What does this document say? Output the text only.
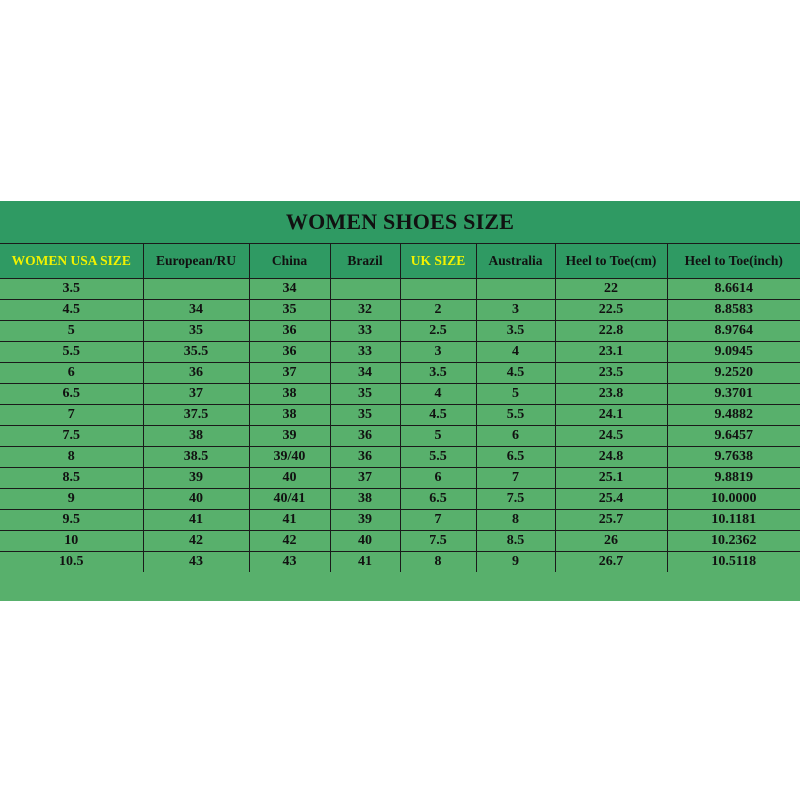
WOMEN SHOES SIZE
WOMEN USA SIZE	European/RU	China	Brazil	UK SIZE	Australia	Heel to Toe(cm)	Heel to Toe(inch)
3.5		34				22	8.6614
4.5	34	35	32	2	3	22.5	8.8583
5	35	36	33	2.5	3.5	22.8	8.9764
5.5	35.5	36	33	3	4	23.1	9.0945
6	36	37	34	3.5	4.5	23.5	9.2520
6.5	37	38	35	4	5	23.8	9.3701
7	37.5	38	35	4.5	5.5	24.1	9.4882
7.5	38	39	36	5	6	24.5	9.6457
8	38.5	39/40	36	5.5	6.5	24.8	9.7638
8.5	39	40	37	6	7	25.1	9.8819
9	40	40/41	38	6.5	7.5	25.4	10.0000
9.5	41	41	39	7	8	25.7	10.1181
10	42	42	40	7.5	8.5	26	10.2362
10.5	43	43	41	8	9	26.7	10.5118
